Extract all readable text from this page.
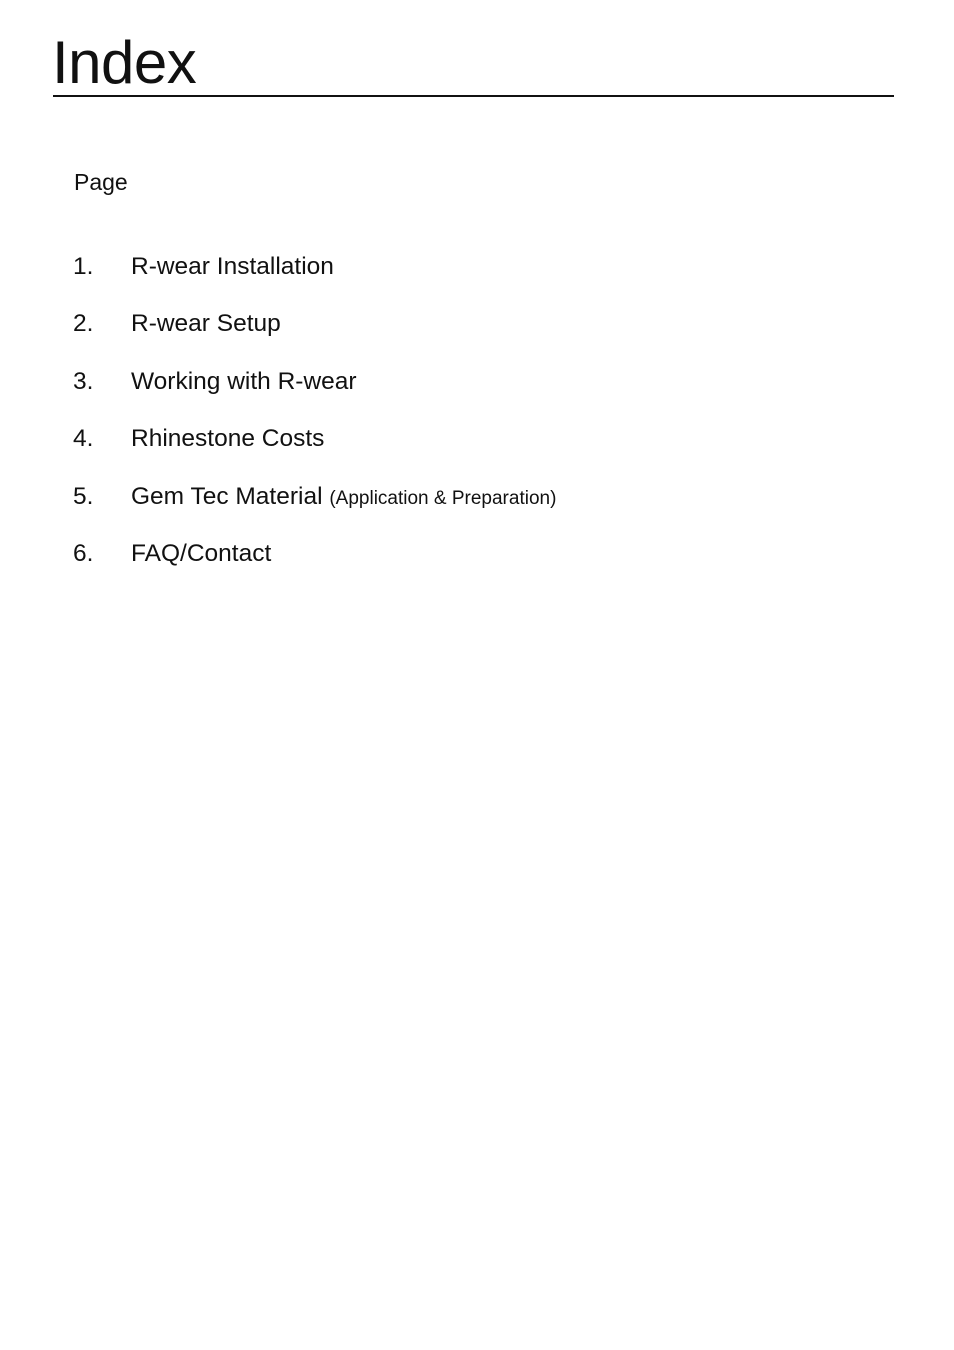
Index
Page
1.	R-wear Installation
2.	R-wear Setup
3.	Working with R-wear
4.	Rhinestone Costs
5.	Gem Tec Material (Application & Preparation)
6.	FAQ/Contact
